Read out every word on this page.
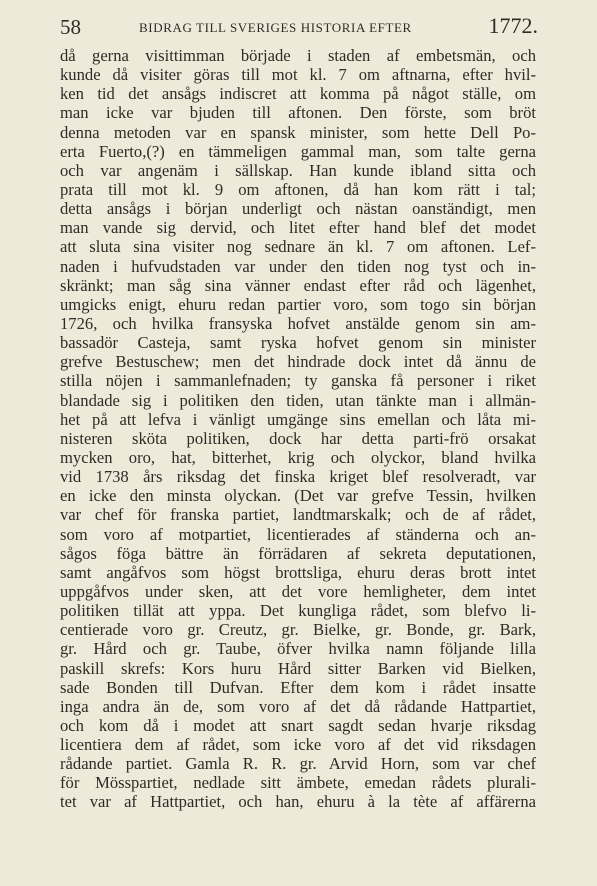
58	BIDRAG TILL SVERIGES HISTORIA EFTER	1772.
då gerna visittimman började i staden af embetsmän, och
kunde då visiter göras till mot kl. 7 om aftnarna, efter hvil-
ken tid det ansågs indiscret att komma på något ställe, om
man icke var bjuden till aftonen. Den förste, som bröt
denna metoden var en spansk minister, som hette Dell Po-
erta Fuerto,(?) en tämmeligen gammal man, som talte gerna
och var angenäm i sällskap. Han kunde ibland sitta och
prata till mot kl. 9 om aftonen, då han kom rätt i tal;
detta ansågs i början underligt och nästan oanständigt, men
man vande sig dervid, och litet efter hand blef det modet
att sluta sina visiter nog sednare än kl. 7 om aftonen. Lef-
naden i hufvudstaden var under den tiden nog tyst och in-
skränkt; man såg sina vänner endast efter råd och lägenhet,
umgicks enigt, ehuru redan partier voro, som togo sin början
1726, och hvilka fransyska hofvet anstälde genom sin am-
bassadör Casteja, samt ryska hofvet genom sin minister
grefve Bestuschew; men det hindrade dock intet då ännu de
stilla nöjen i sammanlefnaden; ty ganska få personer i riket
blandade sig i politiken den tiden, utan tänkte man i allmän-
het på att lefva i vänligt umgänge sins emellan och låta mi-
nisteren sköta politiken, dock har detta parti-frö orsakat
mycken oro, hat, bitterhet, krig och olyckor, bland hvilka
vid 1738 års riksdag det finska kriget blef resolveradt, var
en icke den minsta olyckan. (Det var grefve Tessin, hvilken
var chef för franska partiet, landtmarskalk; och de af rådet,
som voro af motpartiet, licentierades af ständerna och an-
sågos föga bättre än förrädaren af sekreta deputationen,
samt angåfvos som högst brottsliga, ehuru deras brott intet
uppgåfvos under sken, att det vore hemligheter, dem intet
politiken tillät att yppa. Det kungliga rådet, som blefvo li-
centierade voro gr. Creutz, gr. Bielke, gr. Bonde, gr. Bark,
gr. Hård och gr. Taube, öfver hvilka namn följande lilla
paskill skrefs: Kors huru Hård sitter Barken vid Bielken,
sade Bonden till Dufvan. Efter dem kom i rådet insatte
inga andra än de, som voro af det då rådande Hattpartiet,
och kom då i modet att snart sagdt sedan hvarje riksdag
licentiera dem af rådet, som icke voro af det vid riksdagen
rådande partiet. Gamla R. R. gr. Arvid Horn, som var chef
för Mösspartiet, nedlade sitt ämbete, emedan rådets plurali-
tet var af Hattpartiet, och han, ehuru à la tète af affärerna
